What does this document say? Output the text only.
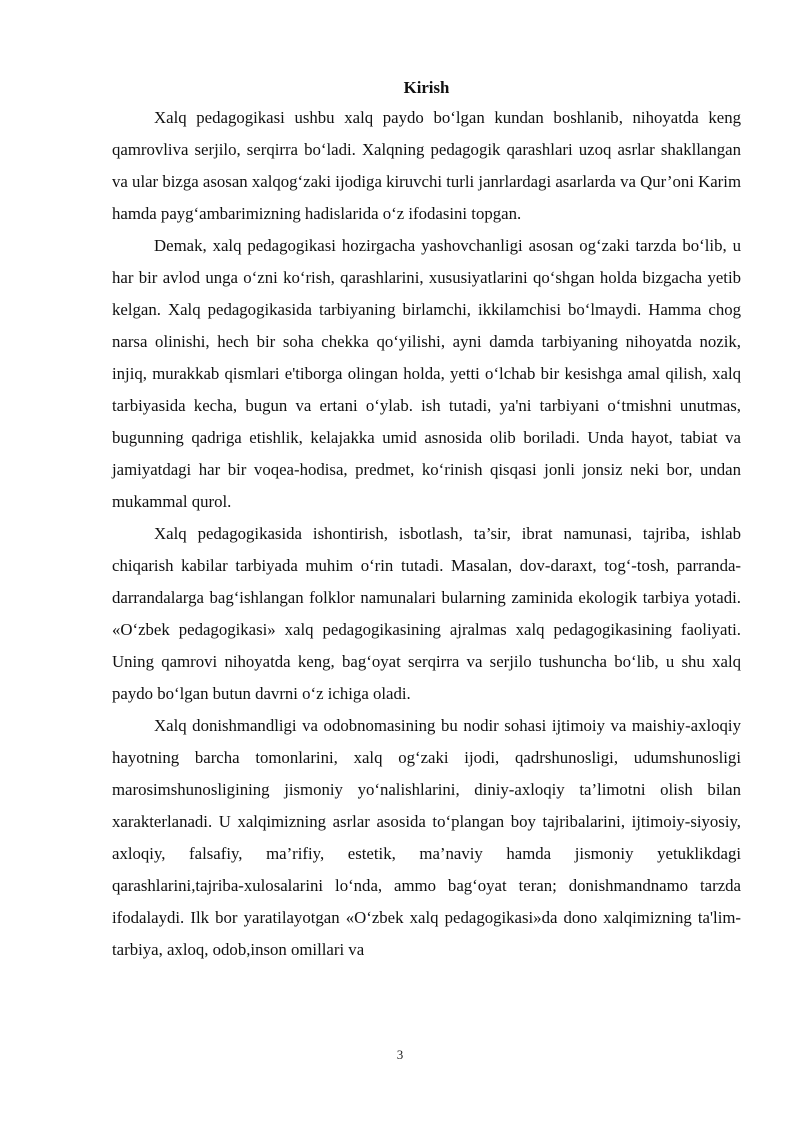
Kirish

Xalq pedagogikasi ushbu xalq paydo bo‘lgan kundan boshlanib, nihoyatda keng qamrovliva serjilo, serqirra bo‘ladi. Xalqning pedagogik qarashlari uzoq asrlar shakllangan va ular bizga asosan xalqog‘zaki ijodiga kiruvchi turli janrlardagi asarlarda va Qur’oni Karim hamda payg‘ambarimizning hadislarida o‘z ifodasini topgan.

Demak, xalq pedagogikasi hozirgacha yashovchanligi asosan og‘zaki tarzda bo‘lib, u har bir avlod unga o‘zni ko‘rish, qarashlarini, xususiyatlarini qo‘shgan holda bizgacha yetib kelgan. Xalq pedagogikasida tarbiyaning birlamchi, ikkilamchisi bo‘lmaydi. Hamma chog narsa olinishi, hech bir soha chekka qo‘yilishi, ayni damda tarbiyaning nihoyatda nozik, injiq, murakkab qismlari e'tiborga olingan holda, yetti o‘lchab bir kesishga amal qilish, xalq tarbiyasida kecha, bugun va ertani o‘ylab. ish tutadi, ya'ni tarbiyani o‘tmishni unutmas, bugunning qadriga etishlik, kelajakka umid asnosida olib boriladi. Unda hayot, tabiat va jamiyatdagi har bir voqea-hodisa, predmet, ko‘rinish qisqasi jonli jonsiz neki bor, undan mukammal qurol.

Xalq pedagogikasida ishontirish, isbotlash, ta’sir, ibrat namunasi, tajriba, ishlab chiqarish kabilar tarbiyada muhim o‘rin tutadi. Masalan, dov-daraxt, tog‘-tosh, parranda-darrandalarga bag‘ishlangan folklor namunalari bularning zaminida ekologik tarbiya yotadi. «O‘zbek pedagogikasi» xalq pedagogikasining ajralmas xalq pedagogikasining faoliyati. Uning qamrovi nihoyatda keng, bag‘oyat serqirra va serjilo tushuncha bo‘lib, u shu xalq paydo bo‘lgan butun davrni o‘z ichiga oladi.

Xalq donishmandligi va odobnomasining bu nodir sohasi ijtimoiy va maishiy-axloqiy hayotning barcha tomonlarini, xalq og‘zaki ijodi, qadrshunosligi, udumshunosligi marosimshunosligining jismoniy yo‘nalishlarini, diniy-axloqiy ta’limotni olish bilan xarakterlanadi. U xalqimizning asrlar asosida to‘plangan boy tajribalarini, ijtimoiy-siyosiy, axloqiy, falsafiy, ma’rifiy, estetik, ma’naviy hamda jismoniy yetuklikdagi qarashlarini,tajriba-xulosalarini lo‘nda, ammo bag‘oyat teran; donishmandnamo tarzda ifodalaydi. Ilk bor yaratilayotgan «O‘zbek xalq pedagogikasi»da dono xalqimizning ta'lim-tarbiya, axloq, odob,inson omillari va

3
